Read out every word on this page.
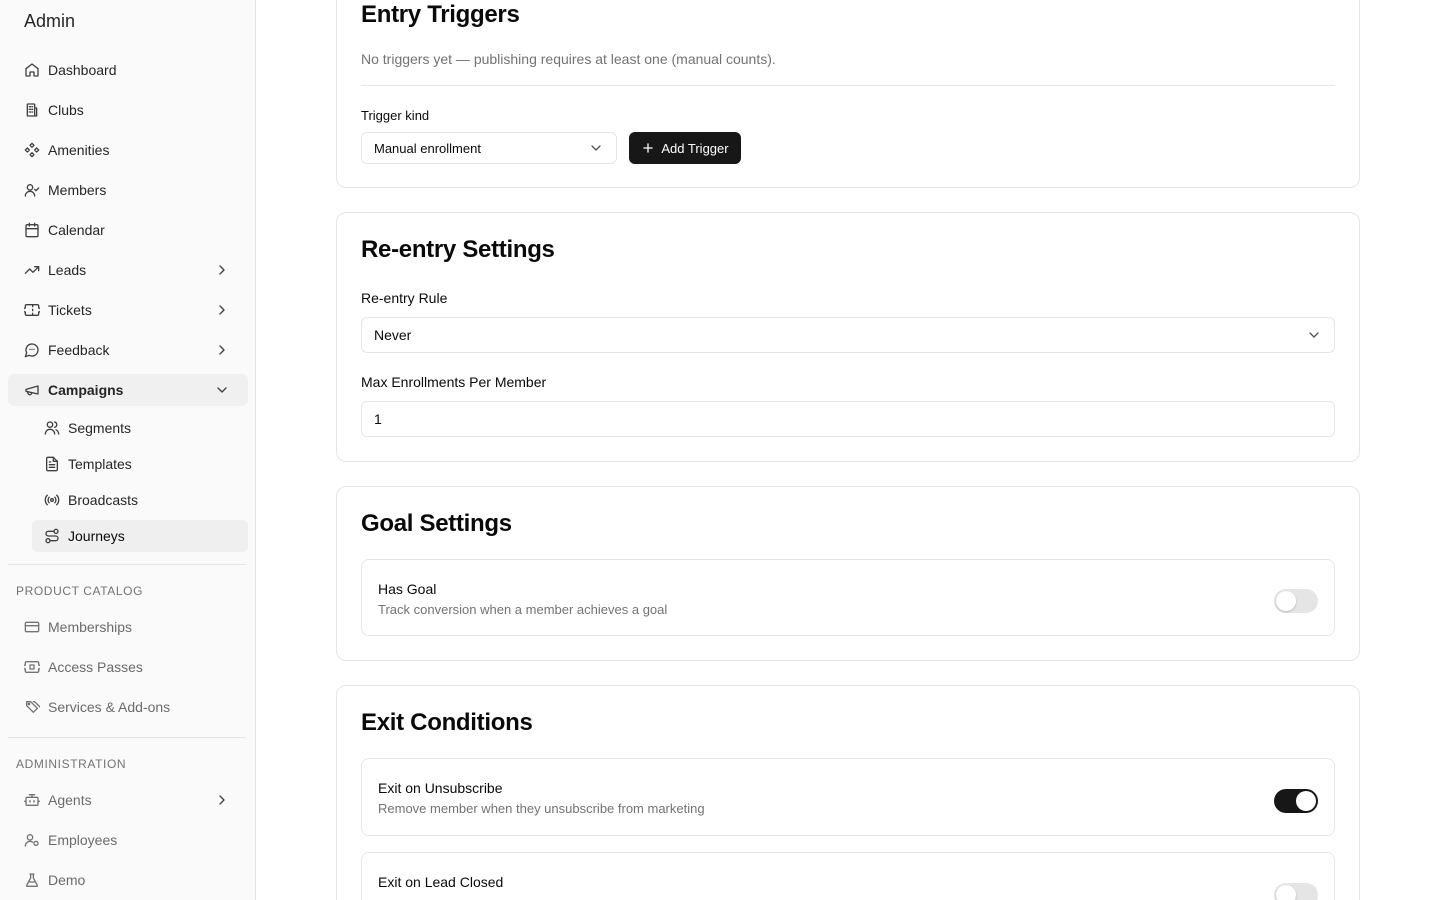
Admin
Dashboard
Clubs
Amenities
Members
Calendar
Leads
Tickets
Feedback
Campaigns
Segments
Templates
Broadcasts
Journeys
PRODUCT CATALOG
Memberships
Access Passes
Services & Add-ons
ADMINISTRATION
Agents
Employees
Demo
Entry Triggers

No triggers yet — publishing requires at least one (manual counts).

Trigger kind
Manual enrollment	Add Trigger
Re-entry Settings
Re-entry Rule
Never
Max Enrollments Per Member
1
Goal Settings
Has Goal
Track conversion when a member achieves a goal
Exit Conditions
Exit on Unsubscribe
Remove member when they unsubscribe from marketing
Exit on Lead Closed
